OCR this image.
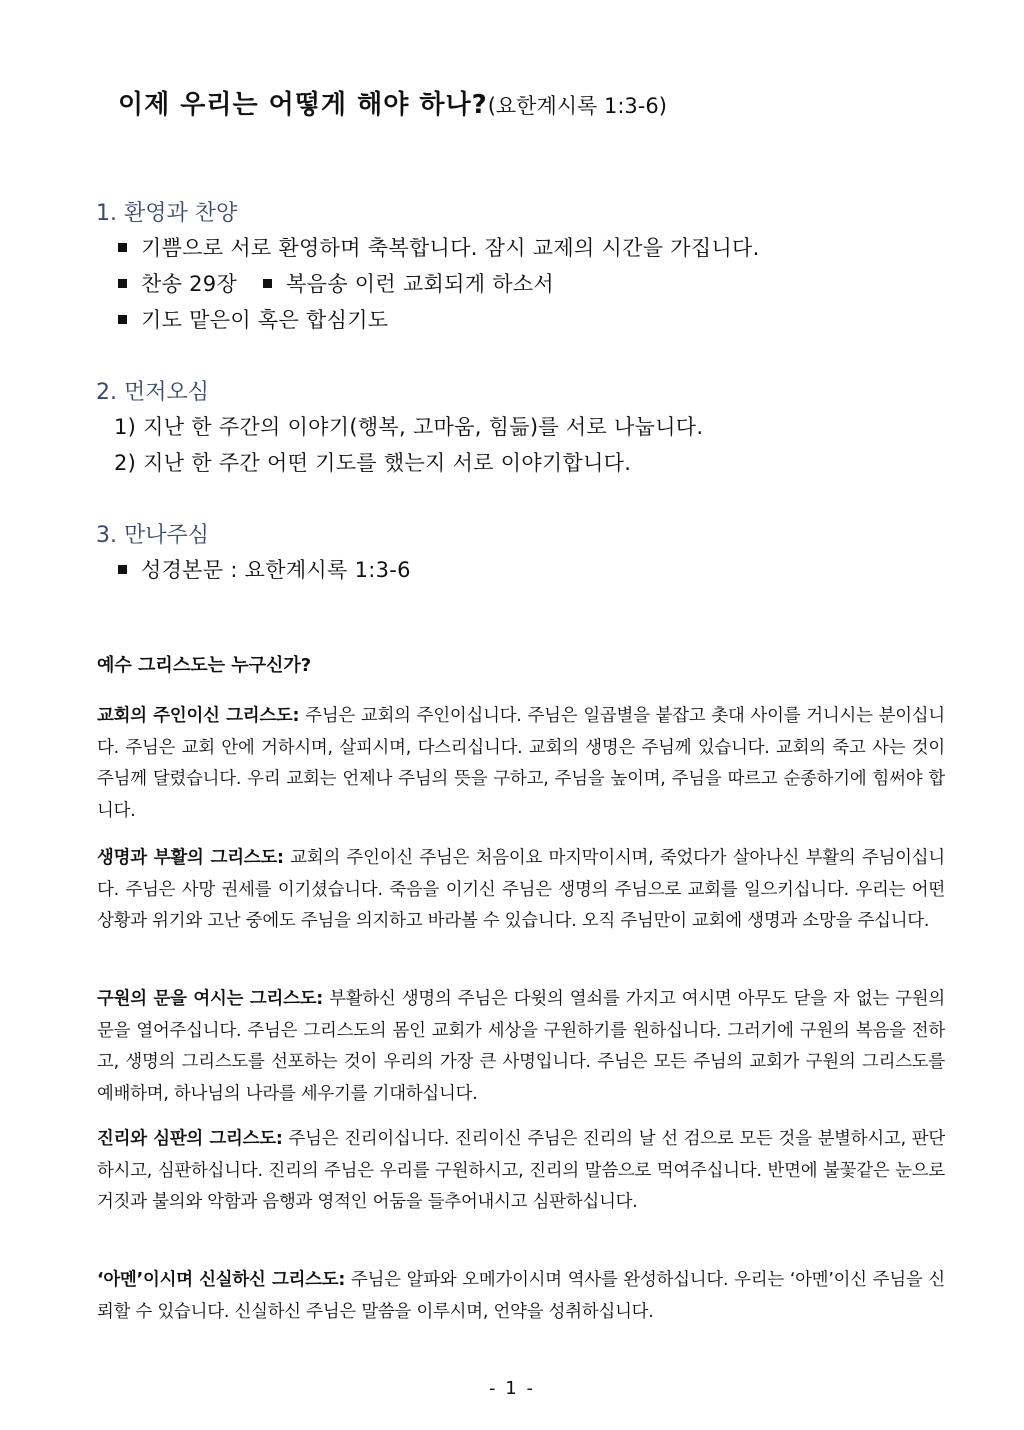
이제 우리는 어떻게 해야 하나?(요한계시록 1:3-6)
1. 환영과 찬양
기쁨으로 서로 환영하며 축복합니다. 잠시 교제의 시간을 가집니다.
찬송 29장 복음송 이런 교회되게 하소서
기도 맡은이 혹은 합심기도
2. 먼저오심
1) 지난 한 주간의 이야기(행복, 고마움, 힘듦)를 서로 나눕니다.
2) 지난 한 주간 어떤 기도를 했는지 서로 이야기합니다.
3. 만나주심
성경본문 : 요한계시록 1:3-6
예수 그리스도는 누구신가?
교회의 주인이신 그리스도: 주님은 교회의 주인이십니다. 주님은 일곱별을 붙잡고 촛대 사이를 거니시는 분이십니다. 주님은 교회 안에 거하시며, 살피시며, 다스리십니다. 교회의 생명은 주님께 있습니다. 교회의 죽고 사는 것이 주님께 달렸습니다. 우리 교회는 언제나 주님의 뜻을 구하고, 주님을 높이며, 주님을 따르고 순종하기에 힘써야 합니다.
생명과 부활의 그리스도: 교회의 주인이신 주님은 처음이요 마지막이시며, 죽었다가 살아나신 부활의 주님이십니다. 주님은 사망 권세를 이기셨습니다. 죽음을 이기신 주님은 생명의 주님으로 교회를 일으키십니다. 우리는 어떤 상황과 위기와 고난 중에도 주님을 의지하고 바라볼 수 있습니다. 오직 주님만이 교회에 생명과 소망을 주십니다.
구원의 문을 여시는 그리스도: 부활하신 생명의 주님은 다윗의 열쇠를 가지고 여시면 아무도 닫을 자 없는 구원의 문을 열어주십니다. 주님은 그리스도의 몸인 교회가 세상을 구원하기를 원하십니다. 그러기에 구원의 복음을 전하고, 생명의 그리스도를 선포하는 것이 우리의 가장 큰 사명입니다. 주님은 모든 주님의 교회가 구원의 그리스도를 예배하며, 하나님의 나라를 세우기를 기대하십니다.
진리와 심판의 그리스도: 주님은 진리이십니다. 진리이신 주님은 진리의 날 선 검으로 모든 것을 분별하시고, 판단하시고, 심판하십니다. 진리의 주님은 우리를 구원하시고, 진리의 말씀으로 먹여주십니다. 반면에 불꽃같은 눈으로 거짓과 불의와 악함과 음행과 영적인 어둠을 들추어내시고 심판하십니다.
‘아멘’이시며 신실하신 그리스도: 주님은 알파와 오메가이시며 역사를 완성하십니다. 우리는 ‘아멘’이신 주님을 신뢰할 수 있습니다. 신실하신 주님은 말씀을 이루시며, 언약을 성취하십니다.
- 1 -
